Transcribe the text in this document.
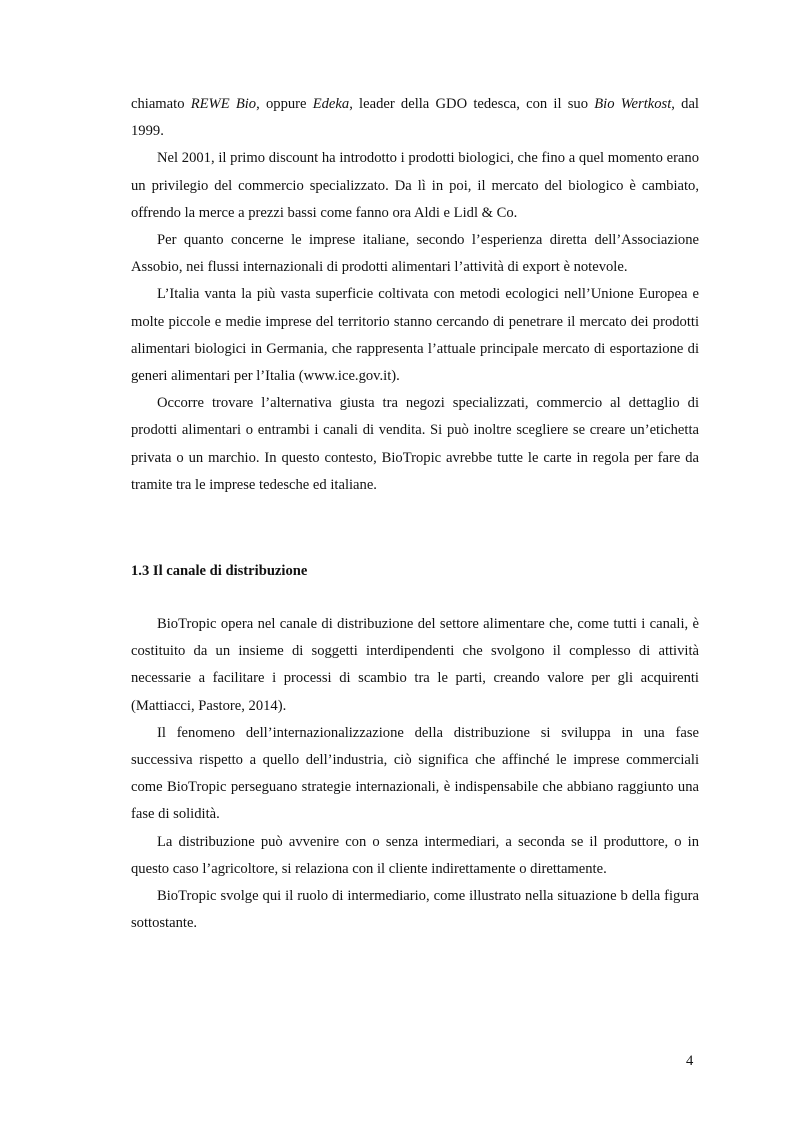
chiamato REWE Bio, oppure Edeka, leader della GDO tedesca, con il suo Bio Wertkost, dal 1999.

Nel 2001, il primo discount ha introdotto i prodotti biologici, che fino a quel momento erano un privilegio del commercio specializzato. Da lì in poi, il mercato del biologico è cambiato, offrendo la merce a prezzi bassi come fanno ora Aldi e Lidl & Co.

Per quanto concerne le imprese italiane, secondo l’esperienza diretta dell’Associazione Assobio, nei flussi internazionali di prodotti alimentari l’attività di export è notevole.

L’Italia vanta la più vasta superficie coltivata con metodi ecologici nell’Unione Europea e molte piccole e medie imprese del territorio stanno cercando di penetrare il mercato dei prodotti alimentari biologici in Germania, che rappresenta l’attuale principale mercato di esportazione di generi alimentari per l’Italia (www.ice.gov.it).

Occorre trovare l’alternativa giusta tra negozi specializzati, commercio al dettaglio di prodotti alimentari o entrambi i canali di vendita. Si può inoltre scegliere se creare un’etichetta privata o un marchio. In questo contesto, BioTropic avrebbe tutte le carte in regola per fare da tramite tra le imprese tedesche ed italiane.

1.3 Il canale di distribuzione

BioTropic opera nel canale di distribuzione del settore alimentare che, come tutti i canali, è costituito da un insieme di soggetti interdipendenti che svolgono il complesso di attività necessarie a facilitare i processi di scambio tra le parti, creando valore per gli acquirenti (Mattiacci, Pastore, 2014).

Il fenomeno dell’internazionalizzazione della distribuzione si sviluppa in una fase successiva rispetto a quello dell’industria, ciò significa che affinché le imprese commerciali come BioTropic perseguano strategie internazionali, è indispensabile che abbiano raggiunto una fase di solidità.

La distribuzione può avvenire con o senza intermediari, a seconda se il produttore, o in questo caso l’agricoltore, si relaziona con il cliente indirettamente o direttamente.

BioTropic svolge qui il ruolo di intermediario, come illustrato nella situazione b della figura sottostante.

4
